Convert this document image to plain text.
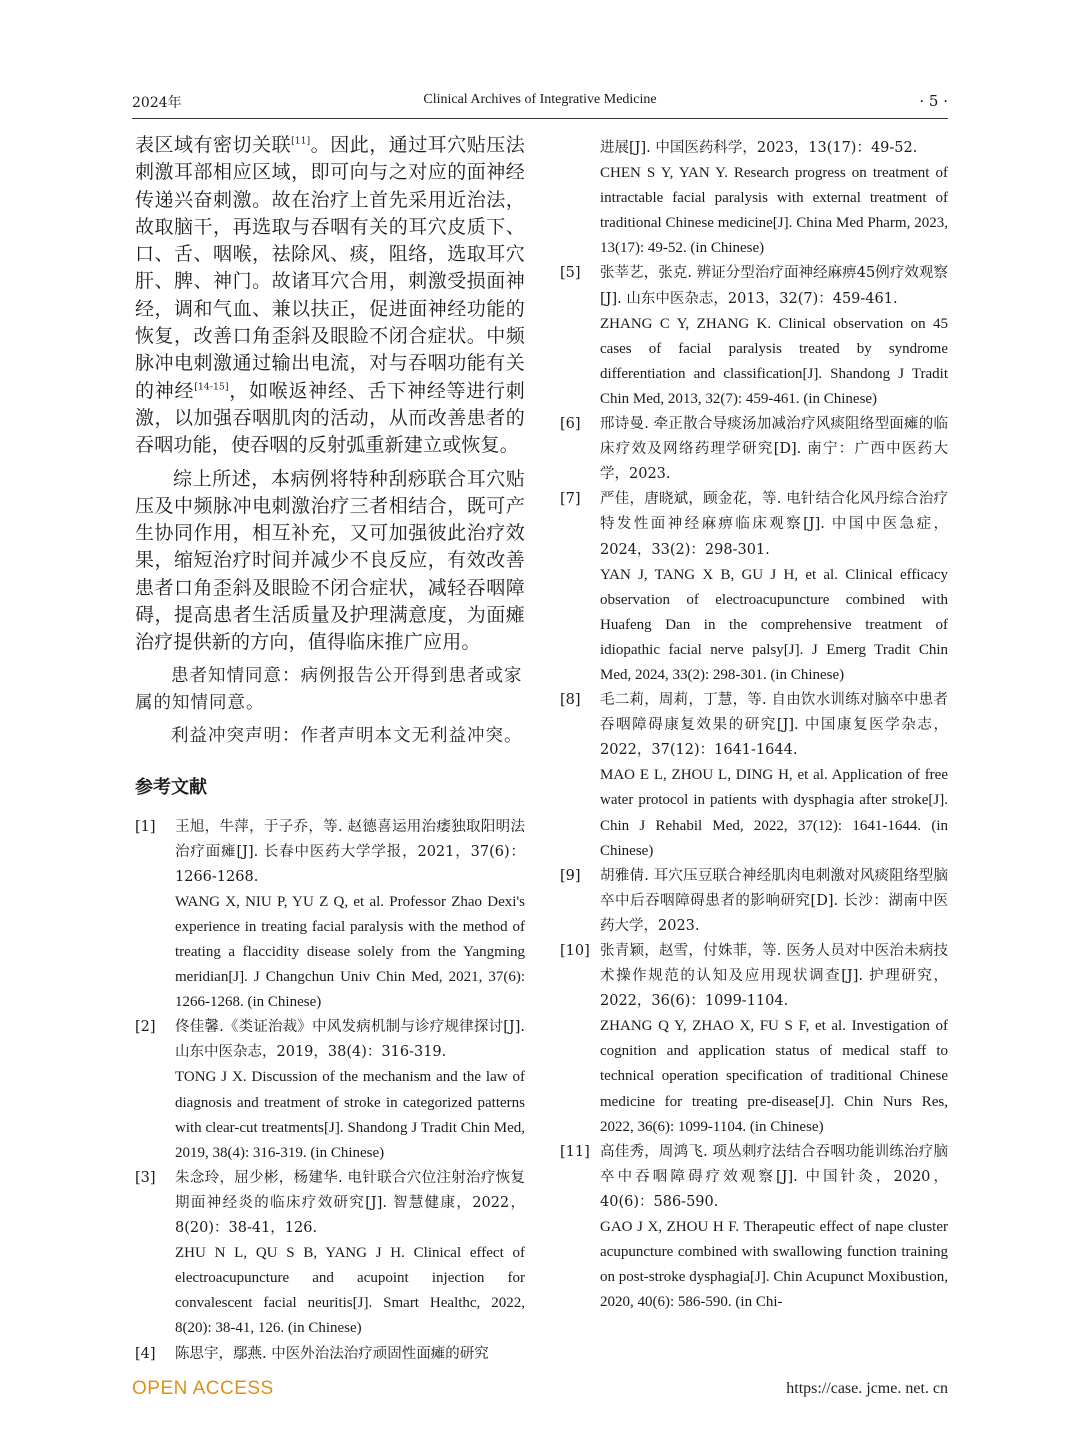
2024年	Clinical Archives of Integrative Medicine	· 5 ·

表区域有密切关联[11]。因此，通过耳穴贴压法刺激耳部相应区域，即可向与之对应的面神经传递兴奋刺激。故在治疗上首先采用近治法，故取脑干，再选取与吞咽有关的耳穴皮质下、口、舌、咽喉，祛除风、痰，阻络，选取耳穴肝、脾、神门。故诸耳穴合用，刺激受损面神经，调和气血、兼以扶正，促进面神经功能的恢复，改善口角歪斜及眼睑不闭合症状。中频脉冲电刺激通过输出电流，对与吞咽功能有关的神经[14-15]，如喉返神经、舌下神经等进行刺激，以加强吞咽肌肉的活动，从而改善患者的吞咽功能，使吞咽的反射弧重新建立或恢复。

综上所述，本病例将特种刮痧联合耳穴贴压及中频脉冲电刺激治疗三者相结合，既可产生协同作用，相互补充，又可加强彼此治疗效果，缩短治疗时间并减少不良反应，有效改善患者口角歪斜及眼睑不闭合症状，减轻吞咽障碍，提高患者生活质量及护理满意度，为面瘫治疗提供新的方向，值得临床推广应用。

患者知情同意：病例报告公开得到患者或家属的知情同意。

利益冲突声明：作者声明本文无利益冲突。

参考文献
[1] 王旭，牛萍，于子乔，等. 赵德喜运用治痿独取阳明法治疗面瘫[J]. 长春中医药大学学报，2021，37(6)：1266-1268.
WANG X, NIU P, YU Z Q, et al. Professor Zhao Dexi's experience in treating facial paralysis with the method of treating a flaccidity disease solely from the Yangming meridian[J]. J Changchun Univ Chin Med, 2021, 37(6): 1266-1268. (in Chinese)
[2] 佟佳馨.《类证治裁》中风发病机制与诊疗规律探讨[J]. 山东中医杂志，2019，38(4)：316-319.
TONG J X. Discussion of the mechanism and the law of diagnosis and treatment of stroke in categorized patterns with clear-cut treatments[J]. Shandong J Tradit Chin Med, 2019, 38(4): 316-319. (in Chinese)
[3] 朱念玲，屈少彬，杨建华. 电针联合穴位注射治疗恢复期面神经炎的临床疗效研究[J]. 智慧健康，2022，8(20)：38-41，126.
ZHU N L, QU S B, YANG J H. Clinical effect of electroacupuncture and acupoint injection for convalescent facial neuritis[J]. Smart Healthc, 2022, 8(20): 38-41, 126. (in Chinese)
[4] 陈思宇，鄢燕. 中医外治法治疗顽固性面瘫的研究
进展[J]. 中国医药科学，2023，13(17)：49-52.
CHEN S Y, YAN Y. Research progress on treatment of intractable facial paralysis with external treatment of traditional Chinese medicine[J]. China Med Pharm, 2023, 13(17): 49-52. (in Chinese)
[5] 张莘艺，张克. 辨证分型治疗面神经麻痹45例疗效观察[J]. 山东中医杂志，2013，32(7)：459-461.
ZHANG C Y, ZHANG K. Clinical observation on 45 cases of facial paralysis treated by syndrome differentiation and classification[J]. Shandong J Tradit Chin Med, 2013, 32(7): 459-461. (in Chinese)
[6] 邢诗曼. 牵正散合导痰汤加减治疗风痰阻络型面瘫的临床疗效及网络药理学研究[D]. 南宁：广西中医药大学，2023.
[7] 严佳，唐晓斌，顾金花，等. 电针结合化风丹综合治疗特发性面神经麻痹临床观察[J]. 中国中医急症，2024，33(2)：298-301.
YAN J, TANG X B, GU J H, et al. Clinical efficacy observation of electroacupuncture combined with Huafeng Dan in the comprehensive treatment of idiopathic facial nerve palsy[J]. J Emerg Tradit Chin Med, 2024, 33(2): 298-301. (in Chinese)
[8] 毛二莉，周莉，丁慧，等. 自由饮水训练对脑卒中患者吞咽障碍康复效果的研究[J]. 中国康复医学杂志，2022，37(12)：1641-1644.
MAO E L, ZHOU L, DING H, et al. Application of free water protocol in patients with dysphagia after stroke[J]. Chin J Rehabil Med, 2022, 37(12): 1641-1644. (in Chinese)
[9] 胡雅倩. 耳穴压豆联合神经肌肉电刺激对风痰阻络型脑卒中后吞咽障碍患者的影响研究[D]. 长沙：湖南中医药大学，2023.
[10] 张青颖，赵雪，付姝菲，等. 医务人员对中医治未病技术操作规范的认知及应用现状调查[J]. 护理研究，2022，36(6)：1099-1104.
ZHANG Q Y, ZHAO X, FU S F, et al. Investigation of cognition and application status of medical staff to technical operation specification of traditional Chinese medicine for treating pre-disease[J]. Chin Nurs Res, 2022, 36(6): 1099-1104. (in Chinese)
[11] 高佳秀，周鸿飞. 项丛刺疗法结合吞咽功能训练治疗脑卒中吞咽障碍疗效观察[J]. 中国针灸，2020，40(6)：586-590.
GAO J X, ZHOU H F. Therapeutic effect of nape cluster acupuncture combined with swallowing function training on post-stroke dysphagia[J]. Chin Acupunct Moxibustion, 2020, 40(6): 586-590. (in Chi-
OPEN ACCESS	https://case. jcme. net. cn
